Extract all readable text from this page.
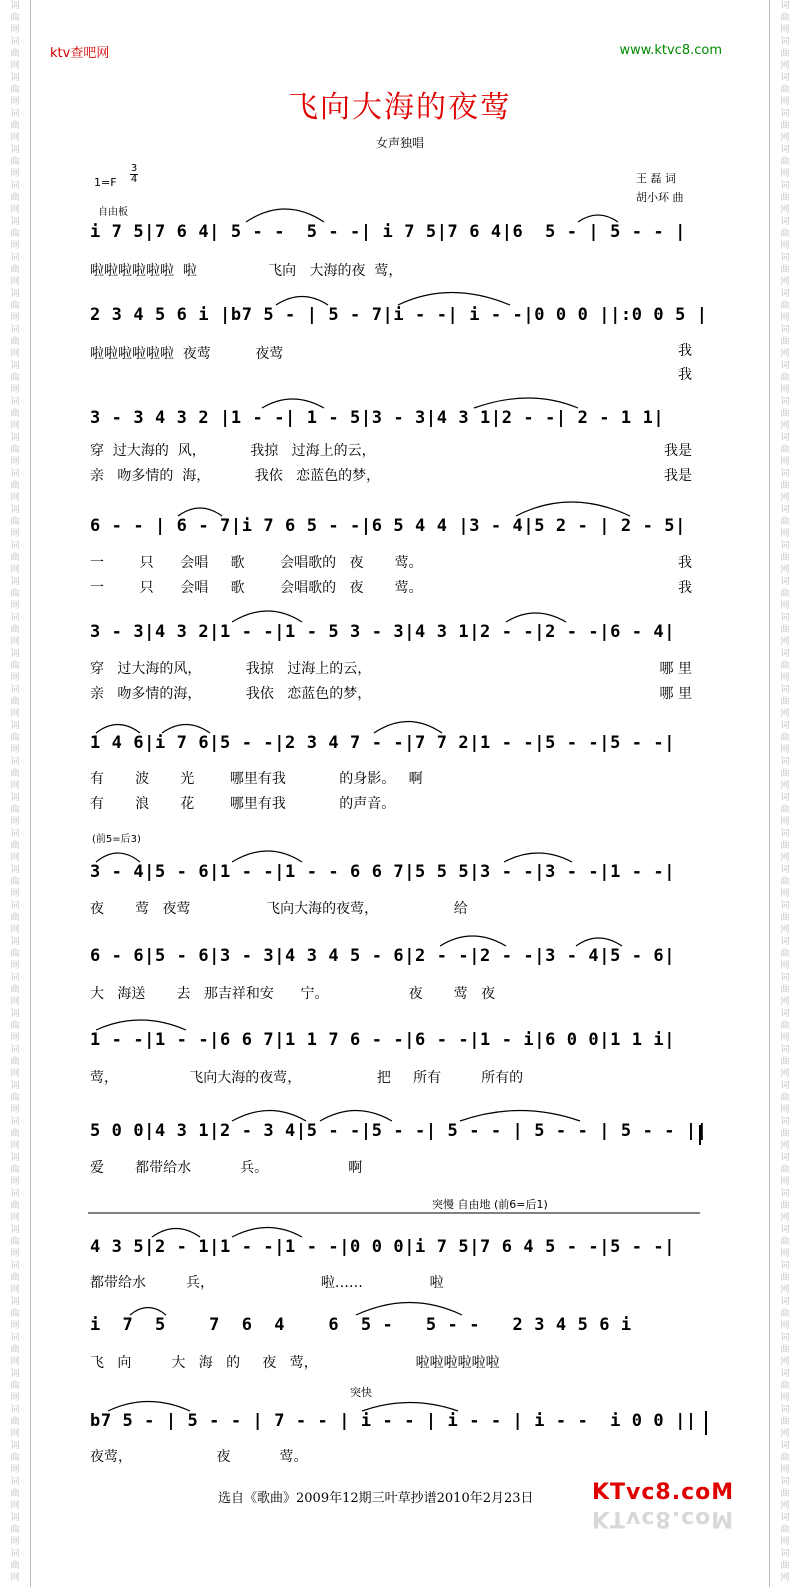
词
曲
网
词
曲
网
词
曲
网
词
曲
网
词
曲
网
词
曲
网
词
曲
网
词
曲
网
词
曲
网
词
曲
网
词
曲
网
词
曲
网
词
曲
网
词
曲
网
词
曲
网
词
曲
网
词
曲
网
词
曲
网
词
曲
网
词
曲
网
词
曲
网
词
曲
网
词
曲
网
词
曲
网
词
曲
网
词
曲
网
词
曲
网
词
曲
网
词
曲
网
词
曲
网
词
曲
网
词
曲
网
词
曲
网
词
曲
网
词
曲
网
词
曲
网
词
曲
网
词
曲
网
词
曲
网
词
曲
网
词
曲
网
词
曲
网
词
曲
网
词
曲
网
词
曲
网
词
曲
网
词
曲
网
词
曲
网
词
曲
网
词
曲
网
词
曲
网
词
曲
网
词
曲
网
词
曲
网
词
曲
网
词
曲
网
词
曲
网
词
曲
网
词
曲
网
词
曲
网
词
曲
网
词
曲
网
词
曲
网
词
曲
网
词
曲
网
词
曲
网
词
曲
网
词
曲
网
词
曲
网
词
曲
网
词
曲
网
词
曲
网
词
曲
网
词
曲
网
词
曲
网
词
曲
网
词
曲
网
词
曲
网
词
曲
网
词
曲
网
词
曲
网
词
曲
网
词
曲
网
词
曲
网
词
曲
网
词
曲
网
词
曲
网
词
曲
网
ktv查吧网	www.ktvc8.com
飞向大海的夜莺
女声独唱
1=F
3
4
自由板
王 磊 词
胡小环 曲
i 7 5|7 6 4| 5 - -  5 - -| i 7 5|7 6 4|6  5 - | 5 - - |
啦啦啦啦啦啦  啦                飞向   大海的夜  莺，
2 3 4 5 6 i |b7 5 - | 5 - 7|i - -| i - -|0 0 0 ||:0 0 5 |
啦啦啦啦啦啦  夜莺          夜莺	我
我
3 - 3 4 3 2 |1 - -| 1 - 5|3 - 3|4 3 1|2 - -| 2 - 1 1|
穿  过大海的  风，          我掠   过海上的云，
亲   吻多情的  海，          我依   恋蓝色的梦，
我是
我是
6 - - | 6 - 7|i 7 6 5 - -|6 5 4 4 |3 - 4|5 2 - | 2 - 5|
一        只      会唱     歌        会唱歌的   夜       莺。
一        只      会唱     歌        会唱歌的   夜       莺。
我
我
3 - 3|4 3 2|1 - -|1 - 5 3 - 3|4 3 1|2 - -|2 - -|6 - 4|
穿   过大海的风，          我掠   过海上的云，
亲   吻多情的海，          我依   恋蓝色的梦，
哪 里
哪 里
1 4 6|i 7 6|5 - -|2 3 4 7 - -|7 7 2|1 - -|5 - -|5 - -|
有       波       光        哪里有我            的身影。   啊
有       浪       花        哪里有我            的声音。
(前5=后3)
3 - 4|5 - 6|1 - -|1 - - 6 6 7|5 5 5|3 - -|3 - -|1 - -|
夜       莺   夜莺                 飞向大海的夜莺，                 给
6 - 6|5 - 6|3 - 3|4 3 4 5 - 6|2 - -|2 - -|3 - 4|5 - 6|
大   海送       去   那吉祥和安      宁。                  夜       莺   夜
1 - -|1 - -|6 6 7|1 1 7 6 - -|6 - -|1 - i|6 0 0|1 1 i|
莺，                飞向大海的夜莺，                 把     所有         所有的
5 0 0|4 3 1|2 - 3 4|5 - -|5 - -| 5 - - | 5 - - | 5 - - ||
爱       都带给水           兵。                  啊
突慢 自由地 (前6=后1)
4 3 5|2 - 1|1 - -|1 - -|0 0 0|i 7 5|7 6 4 5 - -|5 - -|
都带给水         兵，                        啦……               啦
i  7  5    7  6  4    6  5 -   5 - -   2 3 4 5 6 i
飞   向         大   海   的     夜   莺，                      啦啦啦啦啦啦
突快
b7 5 - | 5 - - | 7 - - | i - - | i - - | i - -  i 0 0 ||
夜莺，                   夜           莺。
选自《歌曲》2009年12期三叶草抄谱2010年2月23日	KTvc8.coM
KTvc8.coM
